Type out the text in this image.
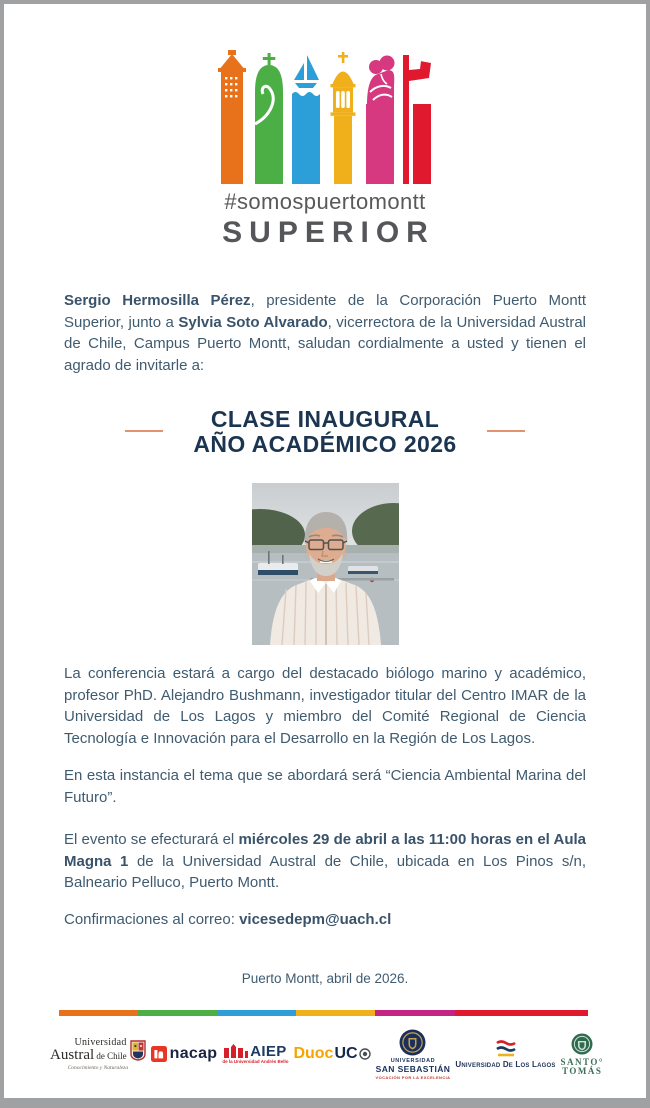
#somospuertomontt
SUPERIOR

Sergio Hermosilla Pérez, presidente de la Corporación Puerto Montt Superior, junto a Sylvia Soto Alvarado, vicerrectora de la Universidad Austral de Chile, Campus Puerto Montt, saludan cordialmente a usted y tienen el agrado de invitarle a:

CLASE INAUGURAL
AÑO ACADÉMICO 2026

La conferencia estará a cargo del destacado biólogo marino y académico, profesor PhD. Alejandro Bushmann, investigador titular del Centro IMAR de la Universidad de Los Lagos y miembro del Comité Regional de Ciencia Tecnología e Innovación para el Desarrollo en la Región de Los Lagos.

En esta instancia el tema que se abordará será “Ciencia Ambiental Marina del Futuro”.

El evento se efecturará el miércoles 29 de abril a las 11:00 horas en el Aula Magna 1 de la Universidad Austral de Chile, ubicada en Los Pinos s/n, Balneario Pelluco, Puerto Montt.

Confirmaciones al correo: vicesedepm@uach.cl

Puerto Montt, abril de 2026.

Universidad
Austral de Chile
Conocimiento y Naturaleza
nacap AIEP
de la Universidad Andrés Bello Duoc UC	UNIVERSIDAD
SAN SEBASTIÁN
VOCACIÓN POR LA EXCELENCIA
Universidad De Los Lagos SANTO°
TOMÁS
